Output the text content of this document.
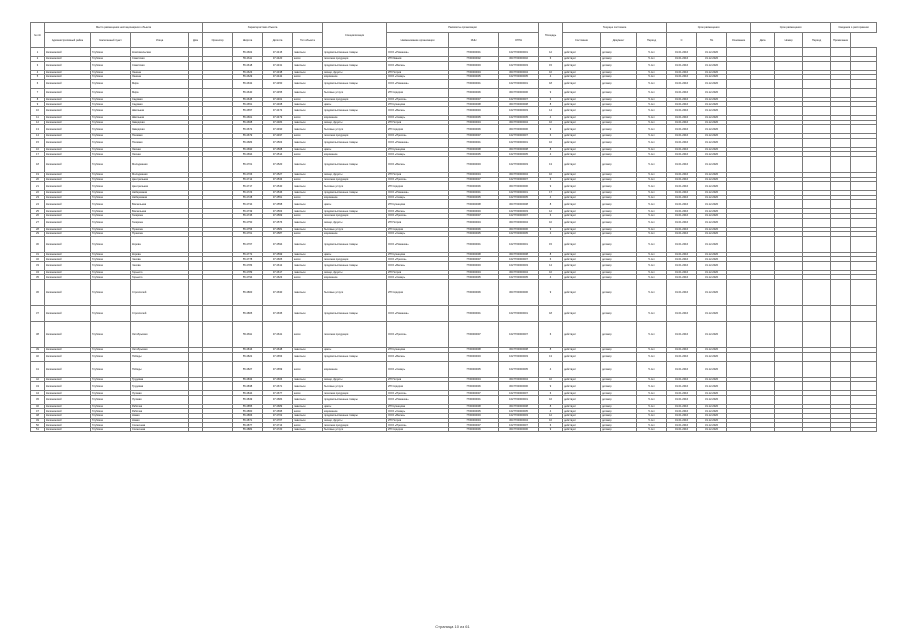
№ п/п	Место размещения нестационарного объекта				Характеристики объекта				Специализация	Реквизиты организации			Площадь	Текущее состояние			Срок размещения			Срок размещения			Сведения о расторжении	
	Административный район	Населенный пункт	Улица	Дом	Ориентир	Широта	Долгота	Тип объекта		Наименование организации	ИНН	ОГРН		Состояние	Документ	Период	С	По	Основание	Дата	Номер	Период	Примечание	
1	Калининский	Глубокое	Комсомольская			55.4602	37.4415	павильон	продовольственные товары	ООО «Ромашка»	7700000001	1027700000001	12	действует	договор	5 лет	01.01.2016	31.12.2020						
2	Калининский	Глубокое	Советская			55.4611	37.4420	киоск	печатная продукция	ИП Иванов	7700000002	3047700000002	6	действует	договор	5 лет	01.01.2016	31.12.2020						
3	Калининский	Глубокое	Советская			55.4618	37.4431	павильон	продовольственные товары	ООО «Весна»	7700000003	1027700000003	15	действует	договор	5 лет	01.01.2016	31.12.2020						
4	Калининский	Глубокое	Ленина			55.4623	37.4438	павильон	овощи, фрукты	ИП Петров	7700000004	3047700000004	10	действует	договор	5 лет	01.01.2016	31.12.2020						
5	Калининский	Глубокое	Ленина			55.4629	37.4442	киоск	мороженое	ООО «Север»	7700000005	1027700000005	4	действует	договор	5 лет	01.01.2016	31.12.2020						
6	Калининский	Глубокое	Мира			55.4632	37.4450	павильон	продовольственные товары	ООО «Ромашка»	7700000001	1027700000001	18	действует	договор	5 лет	01.01.2016	31.12.2020						
7	Калининский	Глубокое	Мира			55.4640	37.4455	павильон	бытовые услуги	ИП Сидоров	7700000006	3047700000006	9	действует	договор	5 лет	01.01.2016	31.12.2020						
8	Калининский	Глубокое	Садовая			55.4645	37.4461	киоск	печатная продукция	ООО «Пресса»	7700000007	1027700000007	6	действует	договор	5 лет	01.01.2016	31.12.2020						
9	Калининский	Глубокое	Садовая			55.4651	37.4468	павильон	цветы	ИП Кузнецова	7700000008	3047700000008	8	действует	договор	5 лет	01.01.2016	31.12.2020						
10	Калининский	Глубокое	Школьная			55.4657	37.4472	павильон	продовольственные товары	ООО «Весна»	7700000003	1027700000003	14	действует	договор	5 лет	01.01.2016	31.12.2020						
11	Калининский	Глубокое	Школьная			55.4661	37.4479	киоск	мороженое	ООО «Север»	7700000005	1027700000005	4	действует	договор	5 лет	01.01.2016	31.12.2020						
12	Калининский	Глубокое	Заводская			55.4668	37.4484	павильон	овощи, фрукты	ИП Петров	7700000004	3047700000004	10	действует	договор	5 лет	01.01.2016	31.12.2020						
13	Калининский	Глубокое	Заводская			55.4672	37.4490	павильон	бытовые услуги	ИП Сидоров	7700000006	3047700000006	9	действует	договор	5 лет	01.01.2016	31.12.2020						
14	Калининский	Глубокое	Полевая			55.4679	37.4497	киоск	печатная продукция	ООО «Пресса»	7700000007	1027700000007	6	действует	договор	5 лет	01.01.2016	31.12.2020						
15	Калининский	Глубокое	Полевая			55.4683	37.4503	павильон	продовольственные товары	ООО «Ромашка»	7700000001	1027700000001	16	действует	договор	5 лет	01.01.2016	31.12.2020						
16	Калининский	Глубокое	Лесная			55.4690	37.4508	павильон	цветы	ИП Кузнецова	7700000008	3047700000008	8	действует	договор	5 лет	01.01.2016	31.12.2020						
17	Калининский	Глубокое	Лесная			55.4694	37.4514	киоск	мороженое	ООО «Север»	7700000005	1027700000005	4	действует	договор	5 лет	01.01.2016	31.12.2020						
18	Калининский	Глубокое	Молодежная			55.4701	37.4520	павильон	продовольственные товары	ООО «Весна»	7700000003	1027700000003	13	действует	договор	5 лет	01.01.2016	31.12.2020						
19	Калининский	Глубокое	Молодежная			55.4706	37.4527	павильон	овощи, фрукты	ИП Петров	7700000004	3047700000004	10	действует	договор	5 лет	01.01.2016	31.12.2020						
20	Калининский	Глубокое	Центральная			55.4712	37.4533	киоск	печатная продукция	ООО «Пресса»	7700000007	1027700000007	6	действует	договор	5 лет	01.01.2016	31.12.2020						
21	Калининский	Глубокое	Центральная			55.4717	37.4540	павильон	бытовые услуги	ИП Сидоров	7700000006	3047700000006	9	действует	договор	5 лет	01.01.2016	31.12.2020						
22	Калининский	Глубокое	Набережная			55.4723	37.4546	павильон	продовольственные товары	ООО «Ромашка»	7700000001	1027700000001	17	действует	договор	5 лет	01.01.2016	31.12.2020						
23	Калининский	Глубокое	Набережная			55.4728	37.4551	киоск	мороженое	ООО «Север»	7700000005	1027700000005	4	действует	договор	5 лет	01.01.2016	31.12.2020						
24	Калининский	Глубокое	Вокзальная			55.4734	37.4558	павильон	цветы	ИП Кузнецова	7700000008	3047700000008	8	действует	договор	5 лет	01.01.2016	31.12.2020						
25	Калининский	Глубокое	Вокзальная			55.4739	37.4563	павильон	продовольственные товары	ООО «Весна»	7700000003	1027700000003	12	действует	договор	5 лет	01.01.2016	31.12.2020						
26	Калининский	Глубокое	Гагарина			55.4745	37.4569	киоск	печатная продукция	ООО «Пресса»	7700000007	1027700000007	6	действует	договор	5 лет	01.01.2016	31.12.2020						
27	Калининский	Глубокое	Гагарина			55.4750	37.4576	павильон	овощи, фрукты	ИП Петров	7700000004	3047700000004	10	действует	договор	5 лет	01.01.2016	31.12.2020						
28	Калининский	Глубокое	Пушкина			55.4756	37.4581	павильон	бытовые услуги	ИП Сидоров	7700000006	3047700000006	9	действует	договор	5 лет	01.01.2016	31.12.2020						
29	Калининский	Глубокое	Пушкина			55.4761	37.4587	киоск	мороженое	ООО «Север»	7700000005	1027700000005	4	действует	договор	5 лет	01.01.2016	31.12.2020						
30	Калининский	Глубокое	Кирова			55.4767	37.4594	павильон	продовольственные товары	ООО «Ромашка»	7700000001	1027700000001	15	действует	договор	5 лет	01.01.2016	31.12.2020						
31	Калининский	Глубокое	Кирова			55.4772	37.4599	павильон	цветы	ИП Кузнецова	7700000008	3047700000008	8	действует	договор	5 лет	01.01.2016	31.12.2020						
32	Калининский	Глубокое	Чехова			55.4778	37.4605	киоск	печатная продукция	ООО «Пресса»	7700000007	1027700000007	6	действует	договор	5 лет	01.01.2016	31.12.2020						
33	Калининский	Глубокое	Чехова			55.4783	37.4612	павильон	продовольственные товары	ООО «Весна»	7700000003	1027700000003	14	действует	договор	5 лет	01.01.2016	31.12.2020						
34	Калининский	Глубокое	Горького			55.4789	37.4617	павильон	овощи, фрукты	ИП Петров	7700000004	3047700000004	10	действует	договор	5 лет	01.01.2016	31.12.2020						
35	Калининский	Глубокое	Горького			55.4794	37.4623	киоск	мороженое	ООО «Север»	7700000005	1027700000005	4	действует	договор	5 лет	01.01.2016	31.12.2020						
36	Калининский	Глубокое	Строителей			55.4800	37.4630	павильон	бытовые услуги	ИП Сидоров	7700000006	3047700000006	9	действует	договор	5 лет	01.01.2016	31.12.2020						
37	Калининский	Глубокое	Строителей			55.4805	37.4635	павильон	продовольственные товары	ООО «Ромашка»	7700000001	1027700000001	18	действует	договор	5 лет	01.01.2016	31.12.2020						
38	Калининский	Глубокое	Октябрьская			55.4811	37.4641	киоск	печатная продукция	ООО «Пресса»	7700000007	1027700000007	6	действует	договор	5 лет	01.01.2016	31.12.2020						
39	Калининский	Глубокое	Октябрьская			55.4816	37.4648	павильон	цветы	ИП Кузнецова	7700000008	3047700000008	8	действует	договор	5 лет	01.01.2016	31.12.2020						
40	Калининский	Глубокое	Победы			55.4822	37.4653	павильон	продовольственные товары	ООО «Весна»	7700000003	1027700000003	13	действует	договор	5 лет	01.01.2016	31.12.2020						
41	Калининский	Глубокое	Победы			55.4827	37.4659	киоск	мороженое	ООО «Север»	7700000005	1027700000005	4	действует	договор	5 лет	01.01.2016	31.12.2020						
42	Калининский	Глубокое	Трудовая			55.4833	37.4666	павильон	овощи, фрукты	ИП Петров	7700000004	3047700000004	10	действует	договор	5 лет	01.01.2016	31.12.2020						
43	Калининский	Глубокое	Трудовая			55.4838	37.4671	павильон	бытовые услуги	ИП Сидоров	7700000006	3047700000006	9	действует	договор	5 лет	01.01.2016	31.12.2020						
44	Калининский	Глубокое	Луговая			55.4844	37.4677	киоск	печатная продукция	ООО «Пресса»	7700000007	1027700000007	6	действует	договор	5 лет	01.01.2016	31.12.2020						
45	Калининский	Глубокое	Луговая			55.4849	37.4684	павильон	продовольственные товары	ООО «Ромашка»	7700000001	1027700000001	16	действует	договор	5 лет	01.01.2016	31.12.2020						
46	Калининский	Глубокое	Рабочая			55.4855	37.4689	павильон	цветы	ИП Кузнецова	7700000008	3047700000008	8	действует	договор	5 лет	01.01.2016	31.12.2020						
47	Калининский	Глубокое	Рабочая			55.4860	37.4695	киоск	мороженое	ООО «Север»	7700000005	1027700000005	4	действует	договор	5 лет	01.01.2016	31.12.2020						
48	Калининский	Глубокое	Новая			55.4866	37.4702	павильон	продовольственные товары	ООО «Весна»	7700000003	1027700000003	12	действует	договор	5 лет	01.01.2016	31.12.2020						
49	Калининский	Глубокое	Новая			55.4871	37.4707	павильон	овощи, фрукты	ИП Петров	7700000004	3047700000004	10	действует	договор	5 лет	01.01.2016	31.12.2020						
50	Калининский	Глубокое	Солнечная			55.4877	37.4713	киоск	печатная продукция	ООО «Пресса»	7700000007	1027700000007	6	действует	договор	5 лет	01.01.2016	31.12.2020						
51	Калининский	Глубокое	Солнечная			55.4882	37.4720	павильон	бытовые услуги	ИП Сидоров	7700000006	3047700000006	9	действует	договор	5 лет	01.01.2016	31.12.2020						
Страница 10 из 61
